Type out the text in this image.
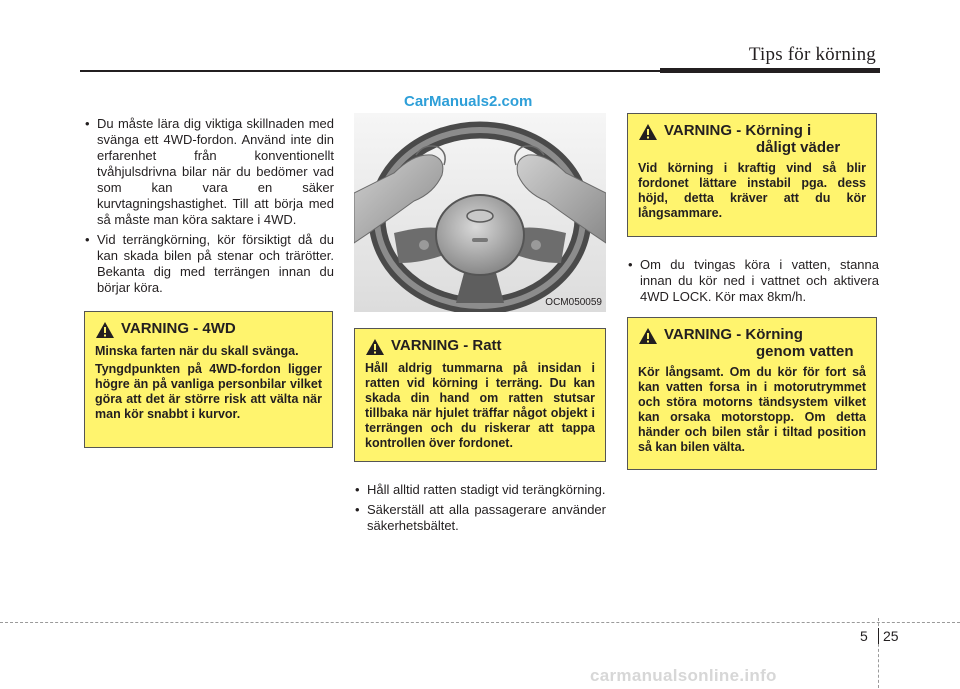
Tips för körning
CarManuals2.com
• Du måste lära dig viktiga skillnaden med svänga ett 4WD-fordon. Använd inte din erfarenhet från konventionellt tvåhjulsdrivna bilar när du bedömer vad som kan vara en säker kurvtagningshastighet. Till att börja med så måste man köra saktare i 4WD.
• Vid terrängkörning, kör försiktigt då du kan skada bilen på stenar och trärötter. Bekanta dig med terrängen innan du börjar köra.
VARNING - 4WD

Minska farten när du skall svänga.

Tyngdpunkten på 4WD-fordon ligger högre än på vanliga personbilar vilket göra att det är större risk att välta när man kör snabbt i kurvor.

OCM050059
VARNING - Ratt

Håll aldrig tummarna på insidan i ratten vid körning i terräng. Du kan skada din hand om ratten stutsar tillbaka när hjulet träffar något objekt i terrängen och du riskerar att tappa kontrollen över fordonet.

• Håll alltid ratten stadigt vid terängkörning.
• Säkerställ att alla passagerare använder säkerhetsbältet.
VARNING - Körning i
dåligt väder

Vid körning i kraftig vind så blir fordonet lättare instabil pga. dess höjd, detta kräver att du kör långsammare.

• Om du tvingas köra i vatten, stanna innan du kör ned i vattnet och aktivera 4WD LOCK. Kör max 8km/h.
VARNING - Körning
genom vatten

Kör långsamt. Om du kör för fort så kan vatten forsa in i motorutrymmet och störa motorns tändsystem vilket kan orsaka motorstopp. Om detta händer och bilen står i tiltad position så kan bilen välta.

5 25
carmanualsonline.info
